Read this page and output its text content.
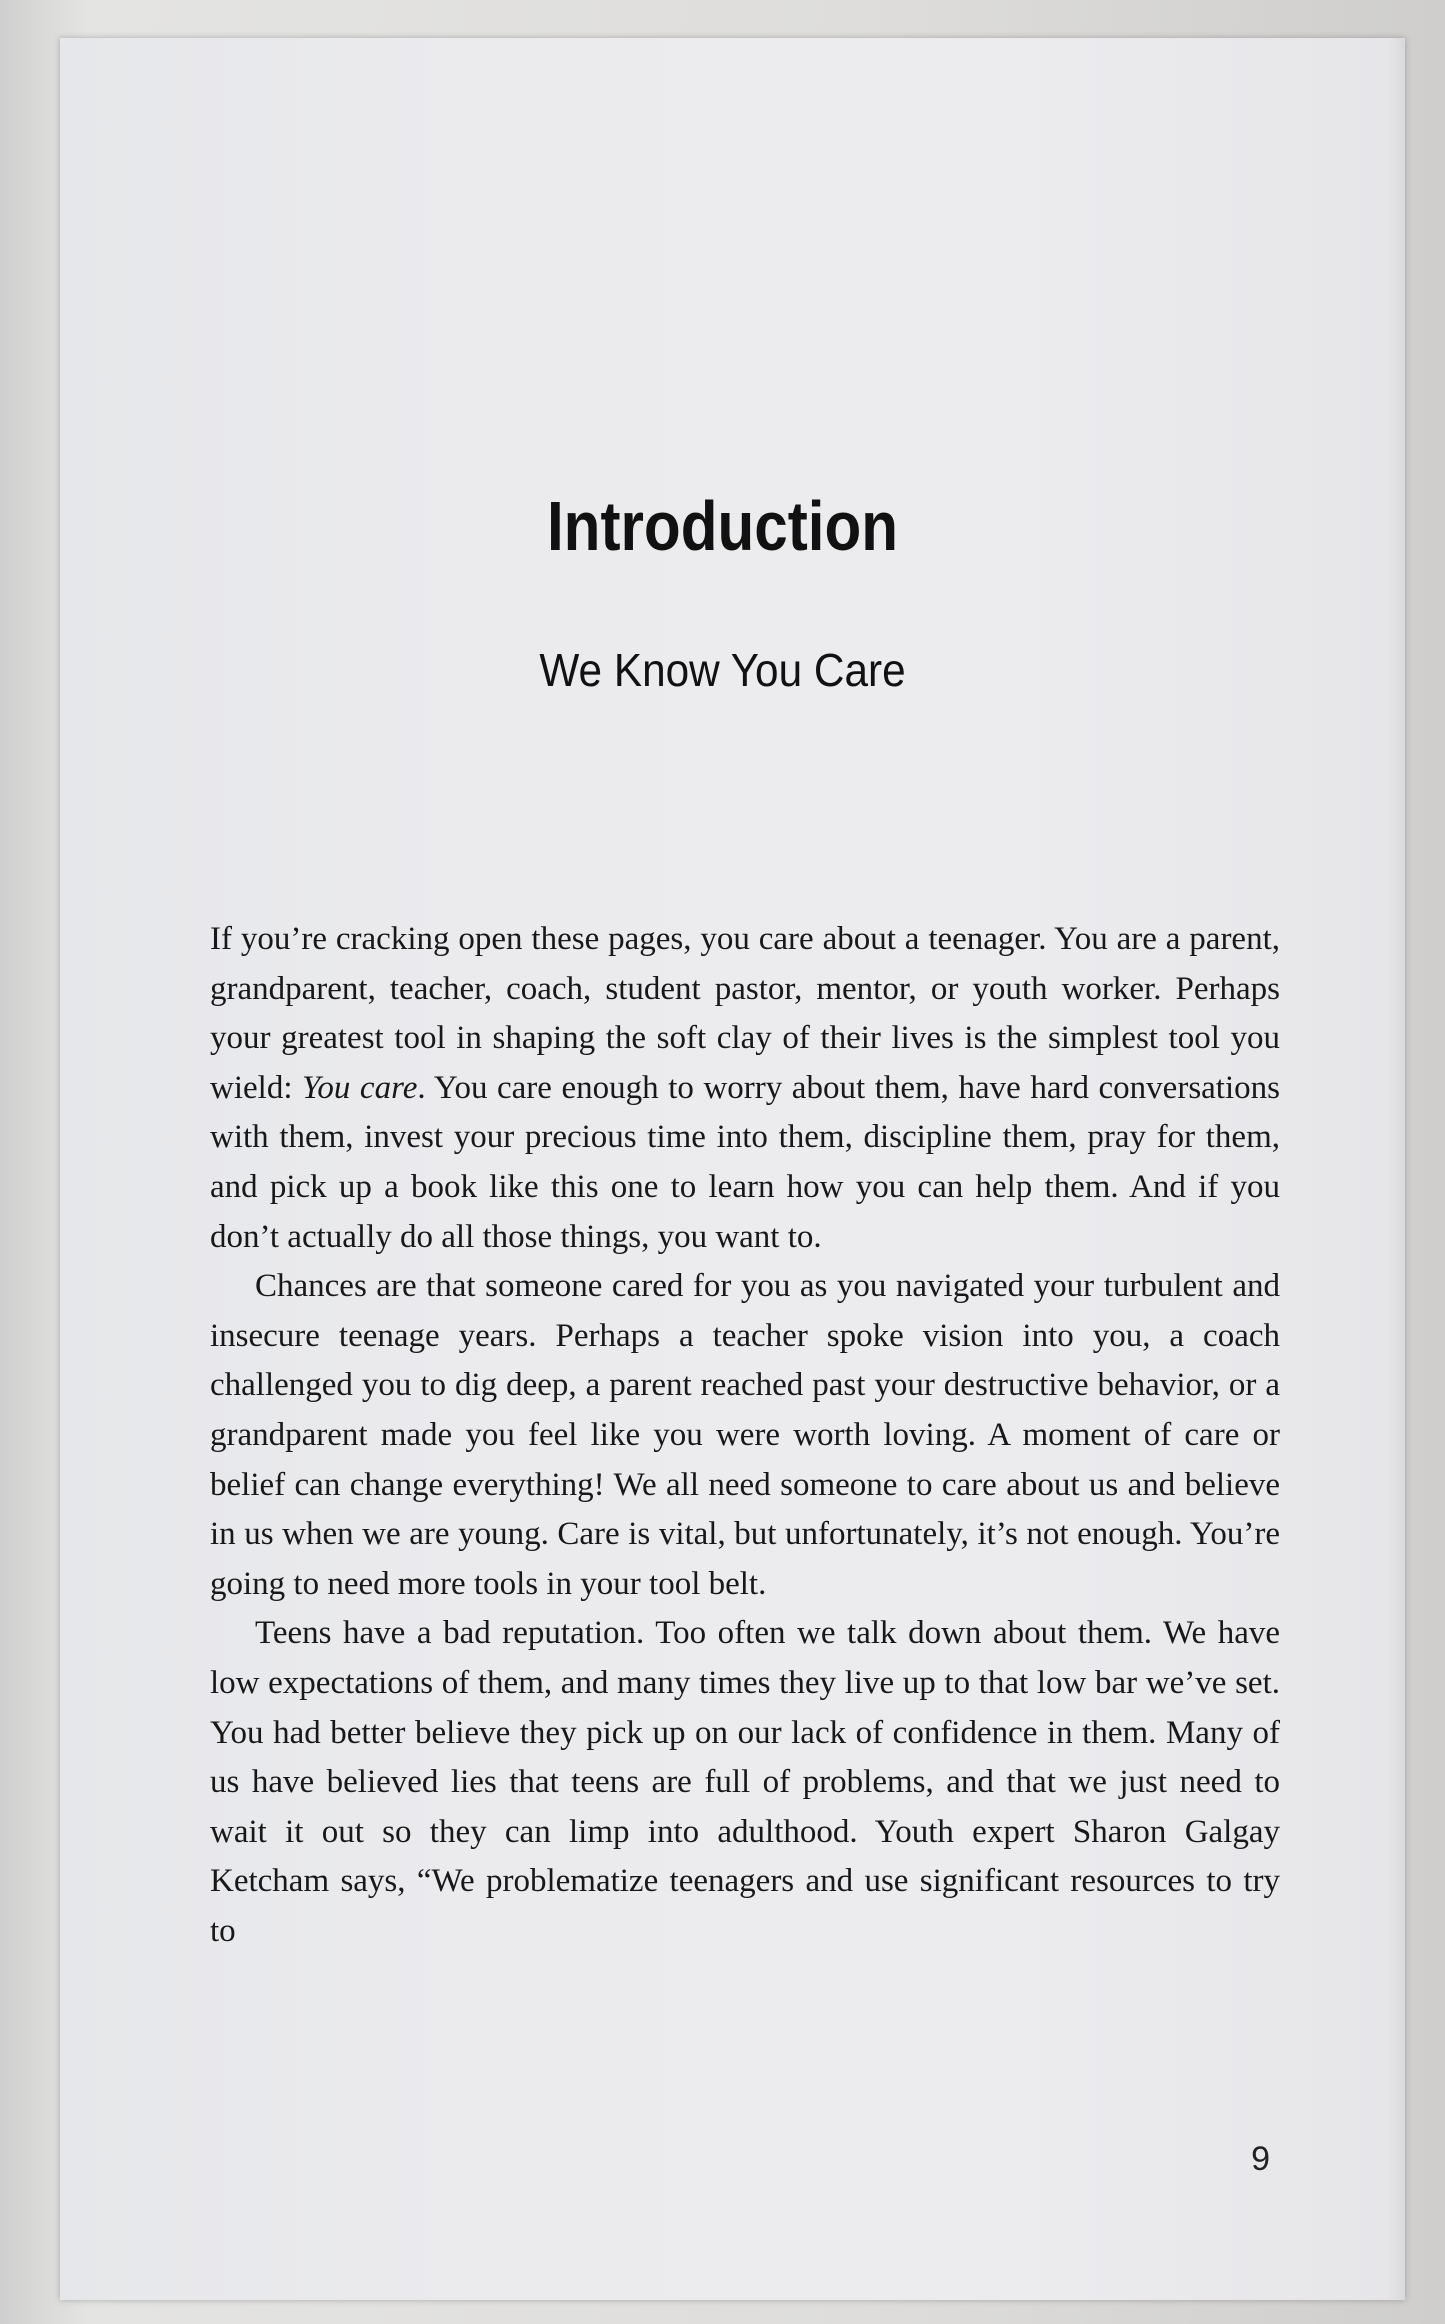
Introduction
We Know You Care

If you’re cracking open these pages, you care about a teenager. You are a parent, grandparent, teacher, coach, student pastor, mentor, or youth worker. Perhaps your greatest tool in shaping the soft clay of their lives is the simplest tool you wield: You care. You care enough to worry about them, have hard conversations with them, invest your precious time into them, discipline them, pray for them, and pick up a book like this one to learn how you can help them. And if you don’t actually do all those things, you want to.

Chances are that someone cared for you as you navigated your turbulent and insecure teenage years. Perhaps a teacher spoke vision into you, a coach challenged you to dig deep, a parent reached past your destructive behavior, or a grandparent made you feel like you were worth loving. A moment of care or belief can change everything! We all need someone to care about us and believe in us when we are young. Care is vital, but unfortunately, it’s not enough. You’re going to need more tools in your tool belt.

Teens have a bad reputation. Too often we talk down about them. We have low expectations of them, and many times they live up to that low bar we’ve set. You had better believe they pick up on our lack of confidence in them. Many of us have believed lies that teens are full of problems, and that we just need to wait it out so they can limp into adulthood. Youth expert Sharon Galgay Ketcham says, “We problematize teenagers and use significant resources to try to

9
